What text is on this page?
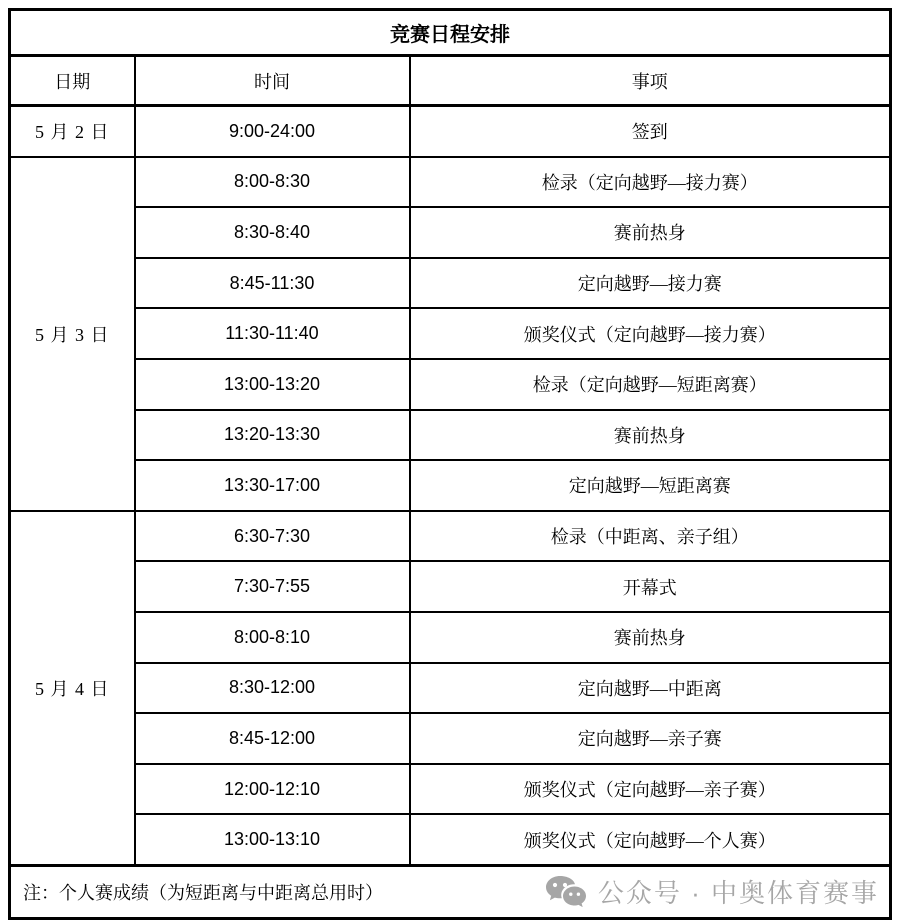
竞赛日程安排		
日期	时间	事项
5 月 2 日	9:00-24:00	签到
5 月 3 日	8:00-8:30	检录（定向越野—接力赛）
	8:30-8:40	赛前热身
	8:45-11:30	定向越野—接力赛
	11:30-11:40	颁奖仪式（定向越野—接力赛）
	13:00-13:20	检录（定向越野—短距离赛）
	13:20-13:30	赛前热身
	13:30-17:00	定向越野—短距离赛
5 月 4 日	6:30-7:30	检录（中距离、亲子组）
	7:30-7:55	开幕式
	8:00-8:10	赛前热身
	8:30-12:00	定向越野—中距离
	8:45-12:00	定向越野—亲子赛
	12:00-12:10	颁奖仪式（定向越野—亲子赛）
	13:00-13:10	颁奖仪式（定向越野—个人赛）

注：个人赛成绩（为短距离与中距离总用时） 公众号 · 中奥体育赛事		
